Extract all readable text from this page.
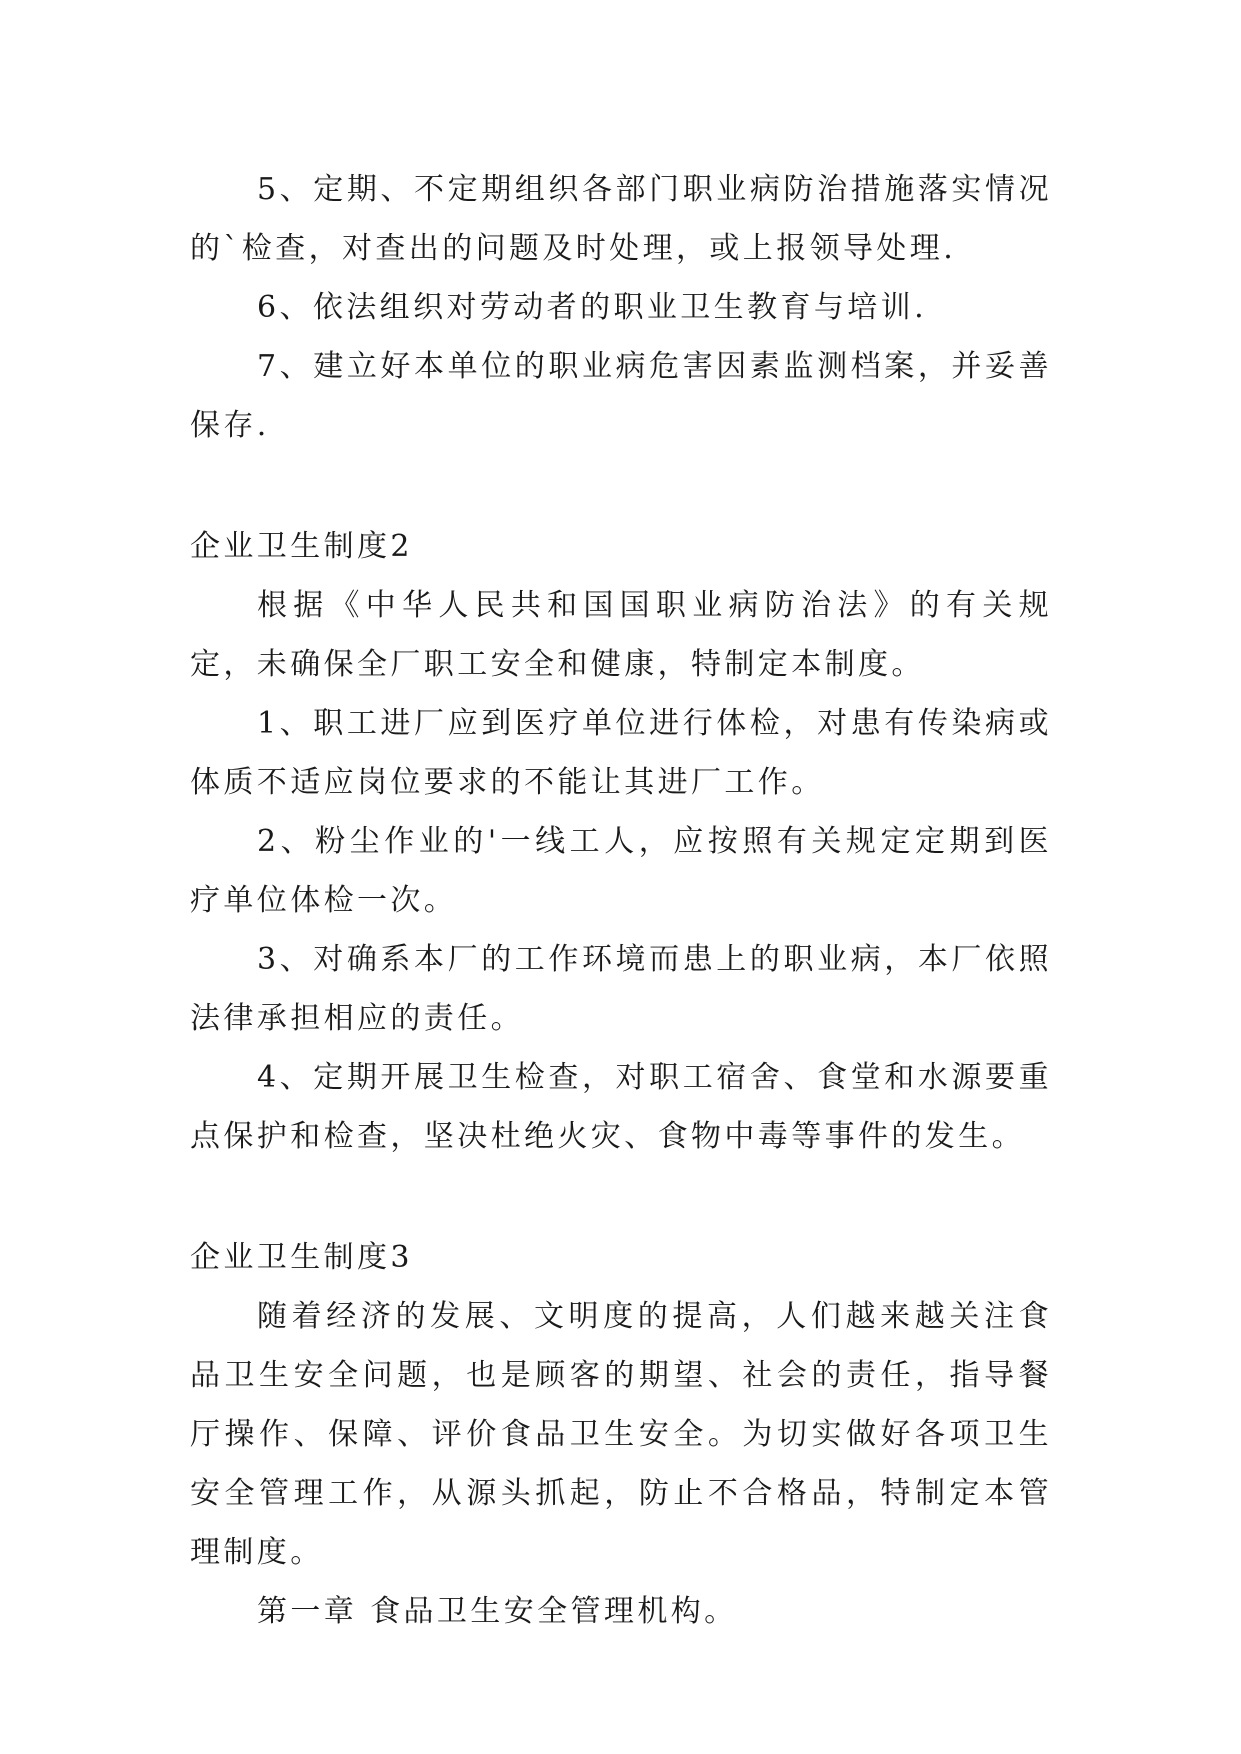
5、定期、不定期组织各部门职业病防治措施落实情况的`检查，对查出的问题及时处理，或上报领导处理.

6、依法组织对劳动者的职业卫生教育与培训.

7、建立好本单位的职业病危害因素监测档案，并妥善保存.

企业卫生制度2

根据《中华人民共和国国职业病防治法》的有关规定，未确保全厂职工安全和健康，特制定本制度。

1、职工进厂应到医疗单位进行体检，对患有传染病或体质不适应岗位要求的不能让其进厂工作。

2、粉尘作业的'一线工人，应按照有关规定定期到医疗单位体检一次。

3、对确系本厂的工作环境而患上的职业病，本厂依照法律承担相应的责任。

4、定期开展卫生检查，对职工宿舍、食堂和水源要重点保护和检查，坚决杜绝火灾、食物中毒等事件的发生。

企业卫生制度3

随着经济的发展、文明度的提高，人们越来越关注食品卫生安全问题，也是顾客的期望、社会的责任，指导餐厅操作、保障、评价食品卫生安全。为切实做好各项卫生安全管理工作，从源头抓起，防止不合格品，特制定本管理制度。

第一章 食品卫生安全管理机构。
